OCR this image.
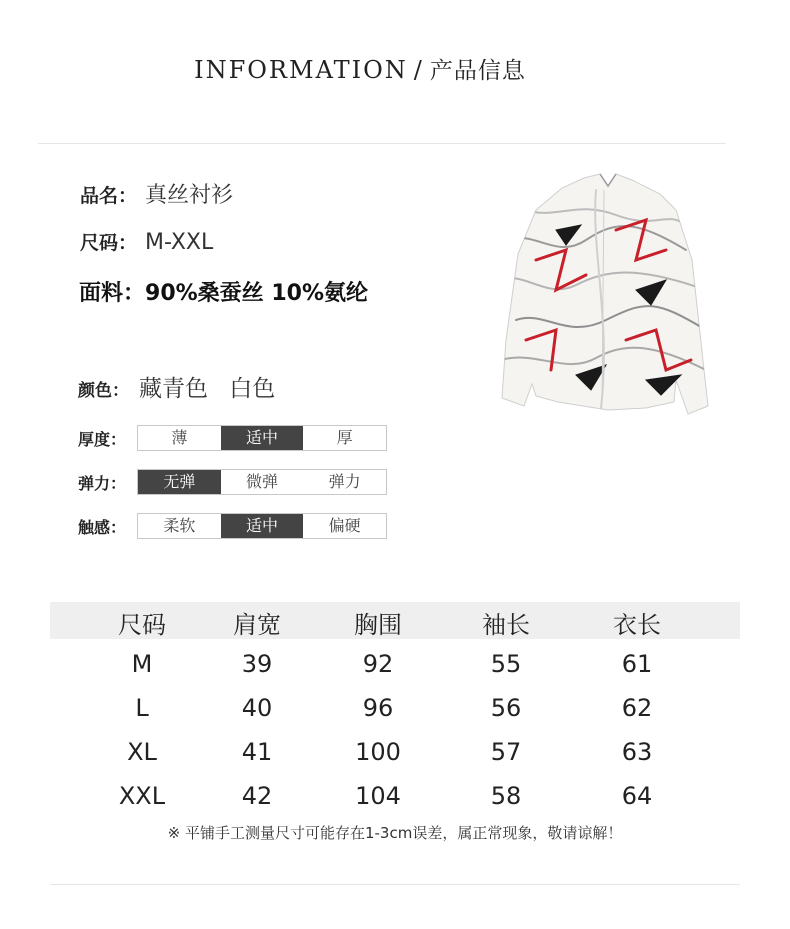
INFORMATION / 产品信息
品名： 真丝衬衫
尺码： M-XXL
面料：90%桑蚕丝 10%氨纶
颜色： 藏青色 白色
厚度：	薄	适中	厚
弹力：	无弹	微弹	弹力
触感：	柔软	适中	偏硬
尺码	肩宽	胸围	袖长	衣长
M	39	92	55	61
L	40	96	56	62
XL	41	100	57	63
XXL	42	104	58	64
※ 平铺手工测量尺寸可能存在1-3cm误差，属正常现象，敬请谅解！
